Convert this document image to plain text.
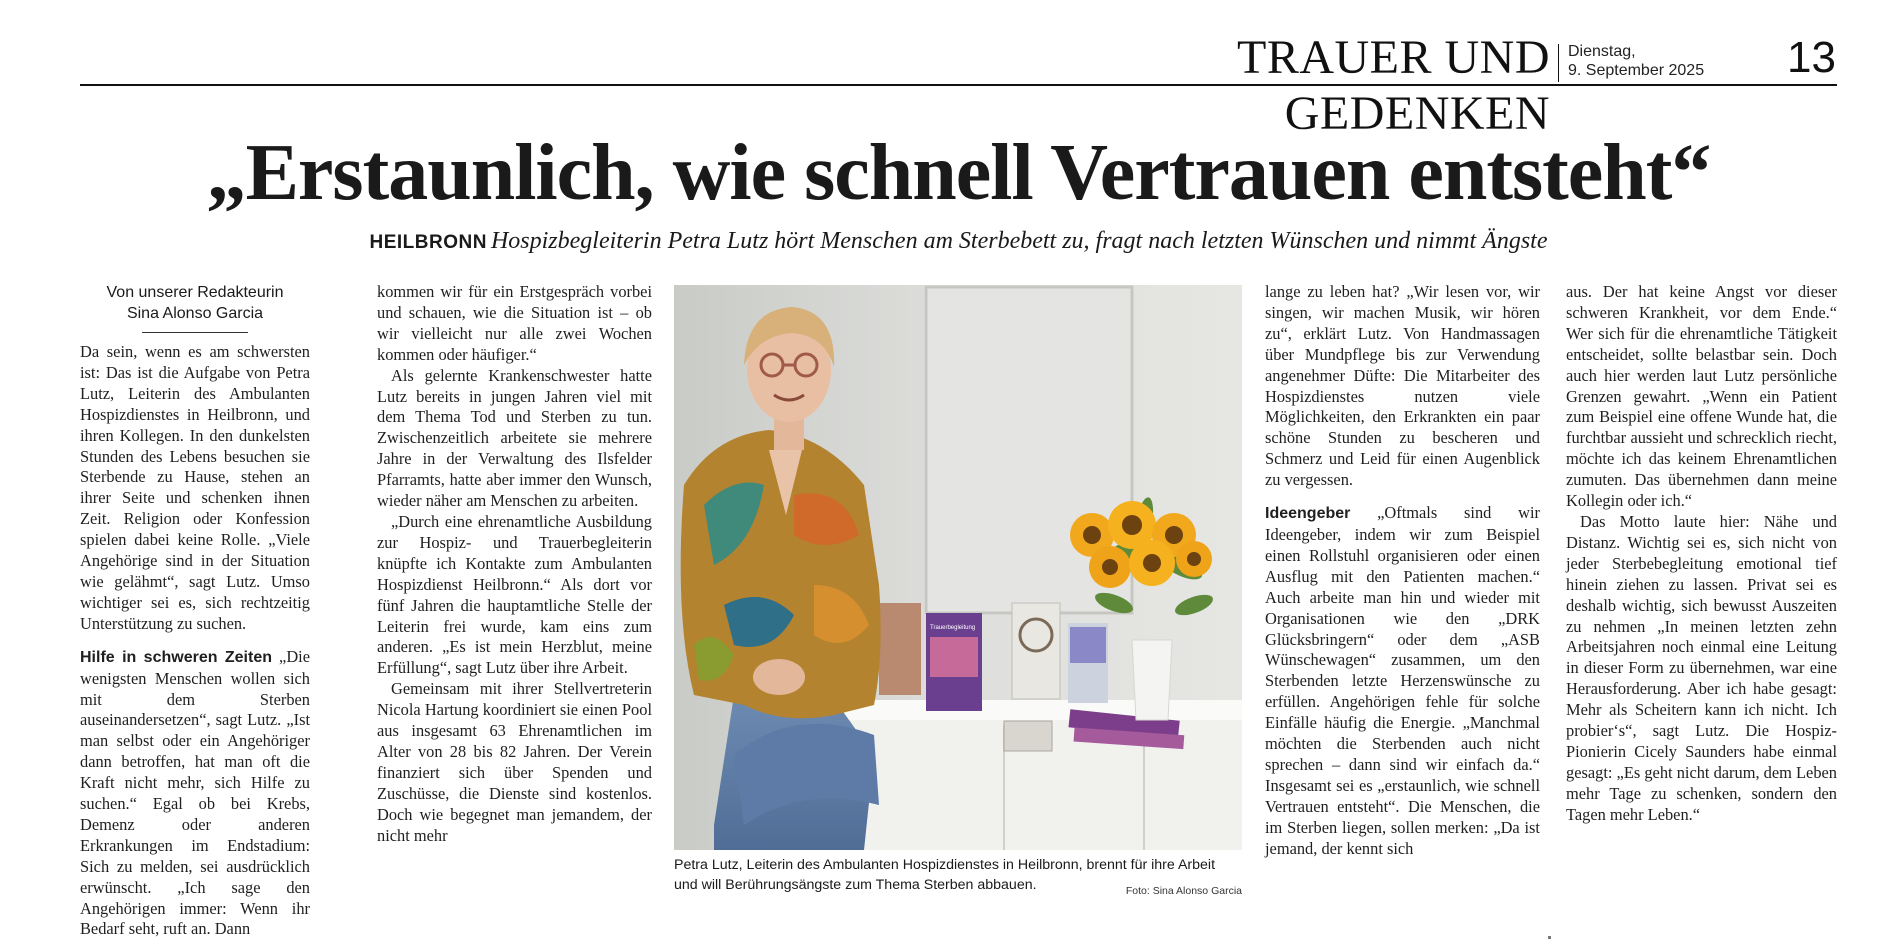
TRAUER UND GEDENKEN
Dienstag,
9. September 2025	13
„Erstaunlich, wie schnell Vertrauen entsteht“
HEILBRONN Hospizbegleiterin Petra Lutz hört Menschen am Sterbebett zu, fragt nach letzten Wünschen und nimmt Ängste
Von unserer Redakteurin
Sina Alonso Garcia

Da sein, wenn es am schwersten ist: Das ist die Aufgabe von Petra Lutz, Leiterin des Ambulanten Hospizdienstes in Heilbronn, und ihren Kollegen. In den dunkelsten Stunden des Lebens besuchen sie Sterbende zu Hause, stehen an ihrer Seite und schenken ihnen Zeit. Religion oder Konfession spielen dabei keine Rolle. „Viele Angehörige sind in der Situation wie gelähmt“, sagt Lutz. Umso wichtiger sei es, sich rechtzeitig Unterstützung zu suchen.

Hilfe in schweren Zeiten „Die wenigsten Menschen wollen sich mit dem Sterben auseinandersetzen“, sagt Lutz. „Ist man selbst oder ein Angehöriger dann betroffen, hat man oft die Kraft nicht mehr, sich Hilfe zu suchen.“ Egal ob bei Krebs, Demenz oder anderen Erkrankungen im Endstadium: Sich zu melden, sei ausdrücklich erwünscht. „Ich sage den Angehörigen immer: Wenn ihr Bedarf seht, ruft an. Dann

kommen wir für ein Erstgespräch vorbei und schauen, wie die Situation ist – ob wir vielleicht nur alle zwei Wochen kommen oder häufiger.“

Als gelernte Krankenschwester hatte Lutz bereits in jungen Jahren viel mit dem Thema Tod und Sterben zu tun. Zwischenzeitlich arbeitete sie mehrere Jahre in der Verwaltung des Ilsfelder Pfarramts, hatte aber immer den Wunsch, wieder näher am Menschen zu arbeiten.

„Durch eine ehrenamtliche Ausbildung zur Hospiz- und Trauerbegleiterin knüpfte ich Kontakte zum Ambulanten Hospizdienst Heilbronn.“ Als dort vor fünf Jahren die hauptamtliche Stelle der Leiterin frei wurde, kam eins zum anderen. „Es ist mein Herzblut, meine Erfüllung“, sagt Lutz über ihre Arbeit.

Gemeinsam mit ihrer Stellvertreterin Nicola Hartung koordiniert sie einen Pool aus insgesamt 63 Ehrenamtlichen im Alter von 28 bis 82 Jahren. Der Verein finanziert sich über Spenden und Zuschüsse, die Dienste sind kostenlos. Doch wie begegnet man jemandem, der nicht mehr

Trauerbegleitung
Petra Lutz, Leiterin des Ambulanten Hospizdienstes in Heilbronn, brennt für ihre Arbeit und will Berührungsängste zum Thema Sterben abbauen.	Foto: Sina Alonso Garcia

lange zu leben hat? „Wir lesen vor, wir singen, wir machen Musik, wir hören zu“, erklärt Lutz. Von Handmassagen über Mundpflege bis zur Verwendung angenehmer Düfte: Die Mitarbeiter des Hospizdienstes nutzen viele Möglichkeiten, den Erkrankten ein paar schöne Stunden zu bescheren und Schmerz und Leid für einen Augenblick zu vergessen.

Ideengeber „Oftmals sind wir Ideengeber, indem wir zum Beispiel einen Rollstuhl organisieren oder einen Ausflug mit den Patienten machen.“ Auch arbeite man hin und wieder mit Organisationen wie den „DRK Glücksbringern“ oder dem „ASB Wünschewagen“ zusammen, um den Sterbenden letzte Herzenswünsche zu erfüllen. Angehörigen fehle für solche Einfälle häufig die Energie. „Manchmal möchten die Sterbenden auch nicht sprechen – dann sind wir einfach da.“ Insgesamt sei es „erstaunlich, wie schnell Vertrauen entsteht“. Die Menschen, die im Sterben liegen, sollen merken: „Da ist jemand, der kennt sich

aus. Der hat keine Angst vor dieser schweren Krankheit, vor dem Ende.“ Wer sich für die ehrenamtliche Tätigkeit entscheidet, sollte belastbar sein. Doch auch hier werden laut Lutz persönliche Grenzen gewahrt. „Wenn ein Patient zum Beispiel eine offene Wunde hat, die furchtbar aussieht und schrecklich riecht, möchte ich das keinem Ehrenamtlichen zumuten. Das übernehmen dann meine Kollegin oder ich.“

Das Motto laute hier: Nähe und Distanz. Wichtig sei es, sich nicht von jeder Sterbebegleitung emotional tief hinein ziehen zu lassen. Privat sei es deshalb wichtig, sich bewusst Auszeiten zu nehmen „In meinen letzten zehn Arbeitsjahren noch einmal eine Leitung in dieser Form zu übernehmen, war eine Herausforderung. Aber ich habe gesagt: Mehr als Scheitern kann ich nicht. Ich probier‘s“, sagt Lutz. Die Hospiz-Pionierin Cicely Saunders habe einmal gesagt: „Es geht nicht darum, dem Leben mehr Tage zu schenken, sondern den Tagen mehr Leben.“
